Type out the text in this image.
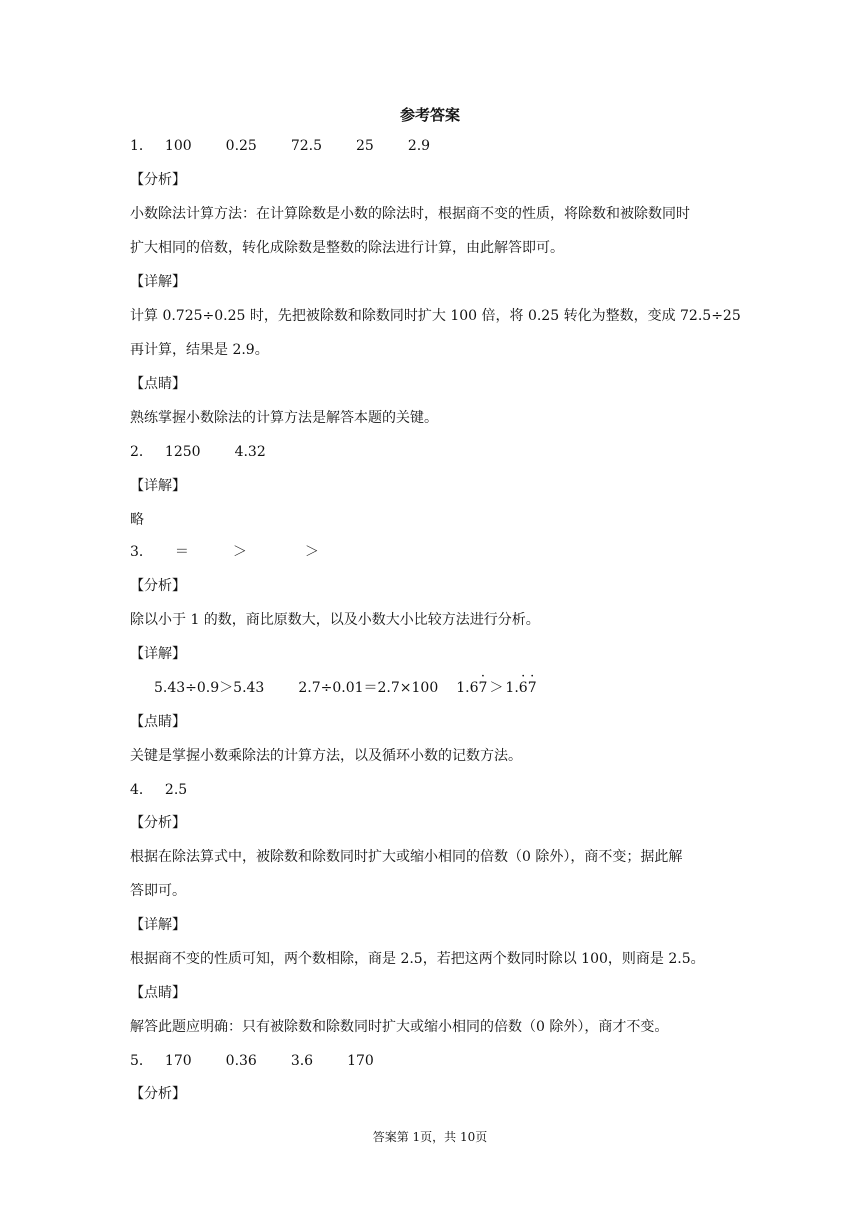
参考答案
1． 100 0.25 72.5 25 2.9
【分析】
小数除法计算方法：在计算除数是小数的除法时，根据商不变的性质，将除数和被除数同时
扩大相同的倍数，转化成除数是整数的除法进行计算，由此解答即可。
【详解】
计算 0.725÷0.25 时，先把被除数和除数同时扩大 100 倍，将 0.25 转化为整数，变成 72.5÷25
再计算，结果是 2.9。
【点睛】
熟练掌握小数除法的计算方法是解答本题的关键。
2． 1250 4.32
【详解】
略
3． ＝	＞	＞
【分析】
除以小于 1 的数，商比原数大，以及小数大小比较方法进行分析。
【详解】
5.43÷0.9＞5.43 2.7÷0.01＝2.7×100 1.67 · ＞ 1.6 ·7 ·
【点睛】
关键是掌握小数乘除法的计算方法，以及循环小数的记数方法。
4． 2.5
【分析】
根据在除法算式中，被除数和除数同时扩大或缩小相同的倍数（0 除外），商不变；据此解
答即可。
【详解】
根据商不变的性质可知，两个数相除，商是 2.5，若把这两个数同时除以 100，则商是 2.5。
【点睛】
解答此题应明确：只有被除数和除数同时扩大或缩小相同的倍数（0 除外），商才不变。
5． 170 0.36 3.6 170
【分析】
答案第 1页，共 10页
